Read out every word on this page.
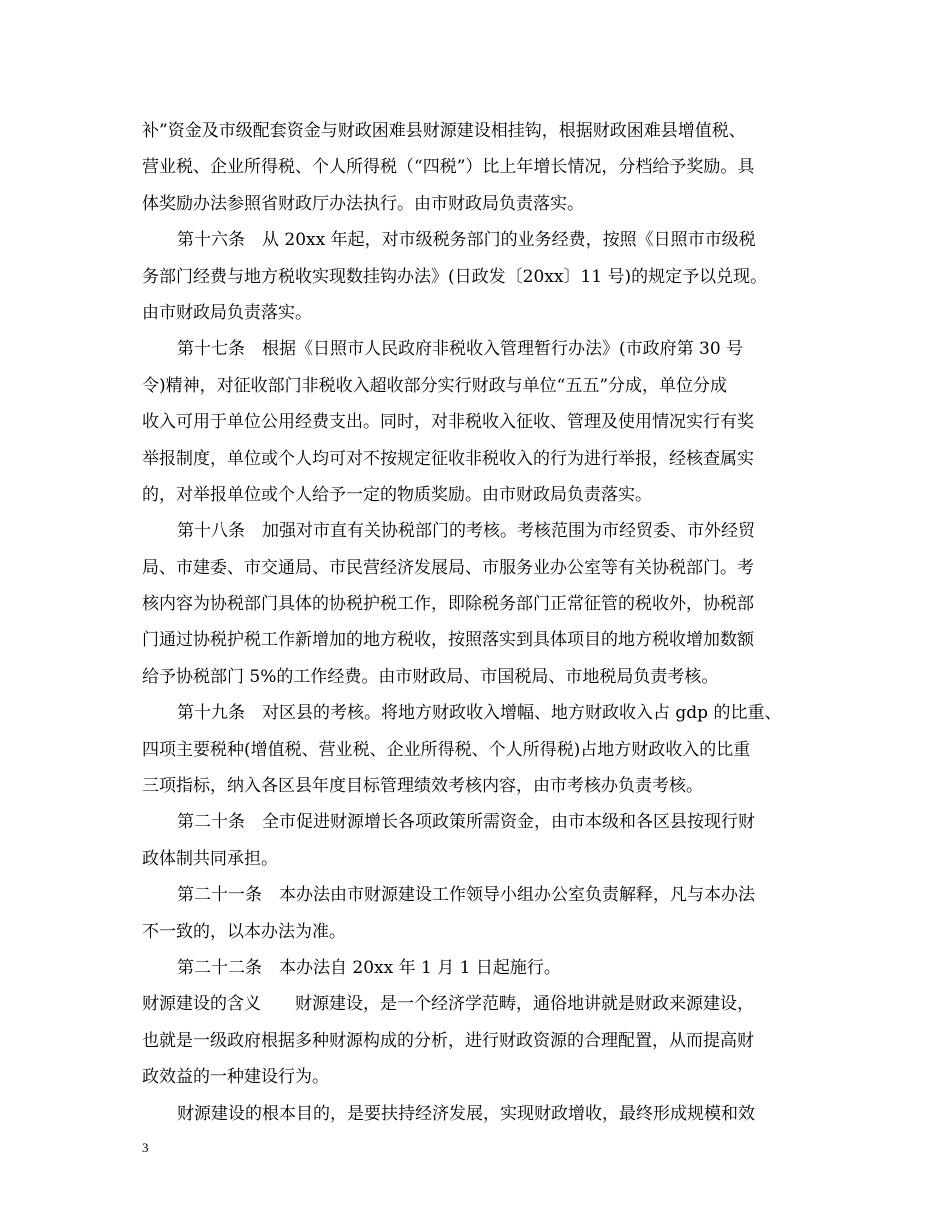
补”资金及市级配套资金与财政困难县财源建设相挂钩，根据财政困难县增值税、
营业税、企业所得税、个人所得税（“四税”）比上年增长情况，分档给予奖励。具
体奖励办法参照省财政厅办法执行。由市财政局负责落实。
第十六条　从 20xx 年起，对市级税务部门的业务经费，按照《日照市市级税
务部门经费与地方税收实现数挂钩办法》(日政发〔20xx〕11 号)的规定予以兑现。
由市财政局负责落实。
第十七条　根据《日照市人民政府非税收入管理暂行办法》(市政府第 30 号
令)精神，对征收部门非税收入超收部分实行财政与单位“五五”分成，单位分成
收入可用于单位公用经费支出。同时，对非税收入征收、管理及使用情况实行有奖
举报制度，单位或个人均可对不按规定征收非税收入的行为进行举报，经核查属实
的，对举报单位或个人给予一定的物质奖励。由市财政局负责落实。
第十八条　加强对市直有关协税部门的考核。考核范围为市经贸委、市外经贸
局、市建委、市交通局、市民营经济发展局、市服务业办公室等有关协税部门。考
核内容为协税部门具体的协税护税工作，即除税务部门正常征管的税收外，协税部
门通过协税护税工作新增加的地方税收，按照落实到具体项目的地方税收增加数额
给予协税部门 5%的工作经费。由市财政局、市国税局、市地税局负责考核。
第十九条　对区县的考核。将地方财政收入增幅、地方财政收入占 gdp 的比重、
四项主要税种(增值税、营业税、企业所得税、个人所得税)占地方财政收入的比重
三项指标，纳入各区县年度目标管理绩效考核内容，由市考核办负责考核。
第二十条　全市促进财源增长各项政策所需资金，由市本级和各区县按现行财
政体制共同承担。
第二十一条　本办法由市财源建设工作领导小组办公室负责解释，凡与本办法
不一致的，以本办法为准。
第二十二条　本办法自 20xx 年 1 月 1 日起施行。
财源建设的含义　　财源建设，是一个经济学范畴，通俗地讲就是财政来源建设，
也就是一级政府根据多种财源构成的分析，进行财政资源的合理配置，从而提高财
政效益的一种建设行为。
财源建设的根本目的，是要扶持经济发展，实现财政增收，最终形成规模和效
3
